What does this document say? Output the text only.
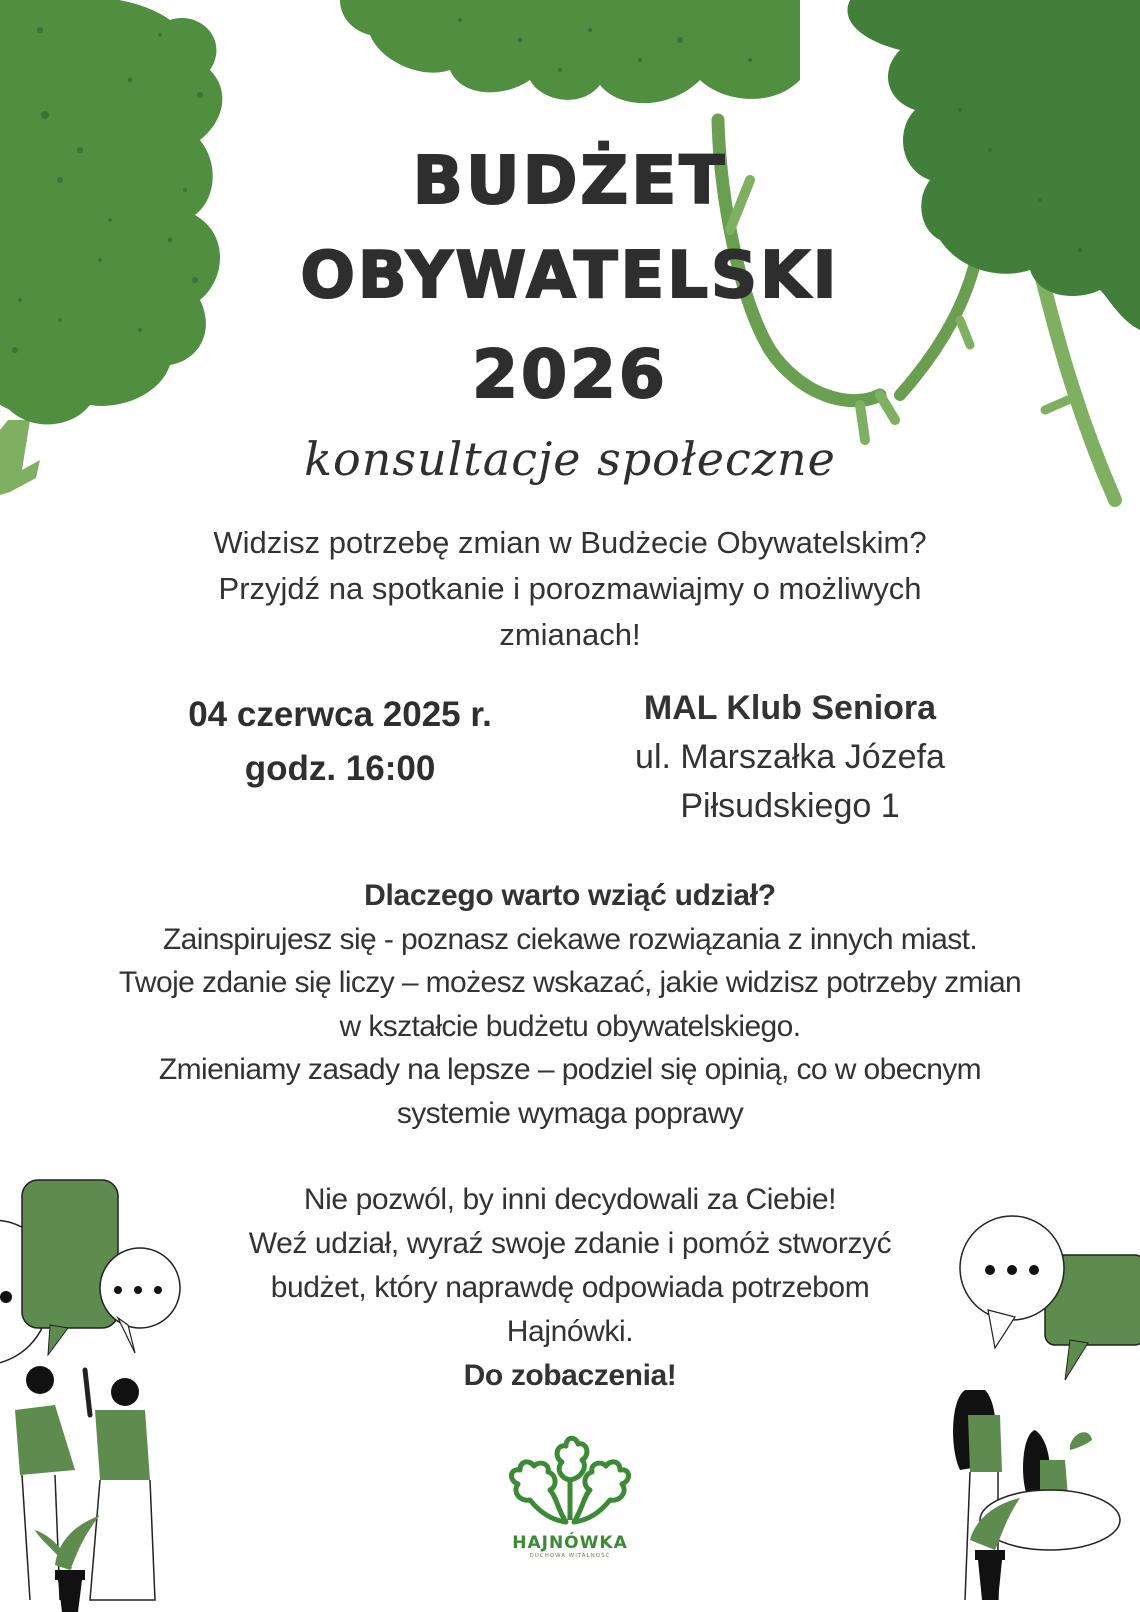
BUDŻET
OBYWATELSKI
2026
konsultacje społeczne
Widzisz potrzebę zmian w Budżecie Obywatelskim?
Przyjdź na spotkanie i porozmawiajmy o możliwych
zmianach!
04 czerwca 2025 r.
godz. 16:00
MAL Klub Seniora
ul. Marszałka Józefa
Piłsudskiego 1
Dlaczego warto wziąć udział?
Zainspirujesz się - poznasz ciekawe rozwiązania z innych miast.
Twoje zdanie się liczy – możesz wskazać, jakie widzisz potrzeby zmian
w kształcie budżetu obywatelskiego.
Zmieniamy zasady na lepsze – podziel się opinią, co w obecnym
systemie wymaga poprawy
Nie pozwól, by inni decydowali za Ciebie!
Weź udział, wyraź swoje zdanie i pomóż stworzyć
budżet, który naprawdę odpowiada potrzebom
Hajnówki.
Do zobaczenia!
HAJNÓWKA
DUCHOWA WITALNOŚĆ
